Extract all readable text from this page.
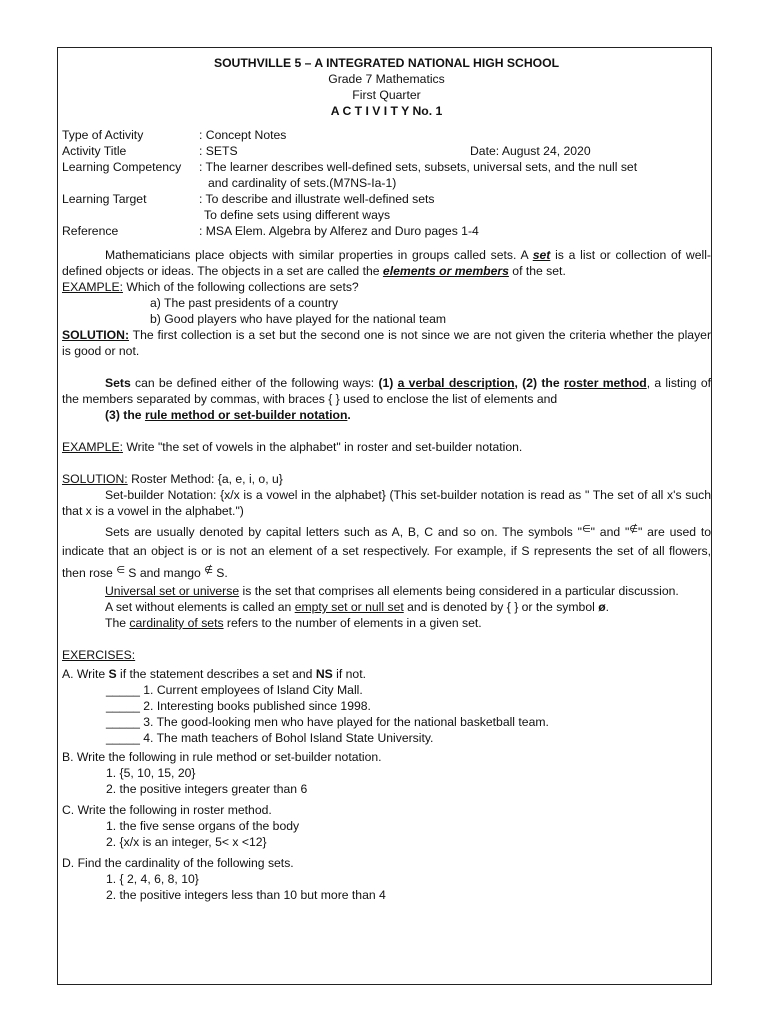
SOUTHVILLE 5 – A INTEGRATED NATIONAL HIGH SCHOOL
Grade 7 Mathematics
First Quarter
A C T I V I T Y No. 1
Type of Activity	: Concept Notes
Activity Title	: SETS	Date: August 24, 2020
Learning Competency	: The learner describes well-defined sets, subsets, universal sets, and the null set
and cardinality of sets.(M7NS-Ia-1)
Learning Target	: To describe and illustrate well-defined sets
To define sets using different ways
Reference	: MSA Elem. Algebra by Alferez and Duro pages 1-4

Mathematicians place objects with similar properties in groups called sets. A set is a list or collection of well-defined objects or ideas. The objects in a set are called the elements or members of the set.

EXAMPLE: Which of the following collections are sets?
a) The past presidents of a country
b) Good players who have played for the national team

SOLUTION: The first collection is a set but the second one is not since we are not given the criteria whether the player is good or not.

Sets can be defined either of the following ways: (1) a verbal description, (2) the roster method, a listing of the members separated by commas, with braces { } used to enclose the list of elements and

(3) the rule method or set-builder notation.
EXAMPLE: Write "the set of vowels in the alphabet" in roster and set-builder notation.
SOLUTION: Roster Method: {a, e, i, o, u}

Set-builder Notation: {x/x is a vowel in the alphabet} (This set-builder notation is read as " The set of all x's such that x is a vowel in the alphabet.")

Sets are usually denoted by capital letters such as A, B, C and so on. The symbols "∈" and "∉" are used to indicate that an object is or is not an element of a set respectively. For example, if S represents the set of all flowers, then rose ∈ S and mango ∉ S.

Universal set or universe is the set that comprises all elements being considered in a particular discussion.

A set without elements is called an empty set or null set and is denoted by { } or the symbol ø.
The cardinality of sets refers to the number of elements in a given set.
EXERCISES:
A. Write S if the statement describes a set and NS if not.
_____ 1. Current employees of Island City Mall.
_____ 2. Interesting books published since 1998.
_____ 3. The good-looking men who have played for the national basketball team.
_____ 4. The math teachers of Bohol Island State University.
B. Write the following in rule method or set-builder notation.
1. {5, 10, 15, 20}
2. the positive integers greater than 6
C. Write the following in roster method.
1. the five sense organs of the body
2. {x/x is an integer, 5< x <12}
D. Find the cardinality of the following sets.
1. { 2, 4, 6, 8, 10}
2. the positive integers less than 10 but more than 4
